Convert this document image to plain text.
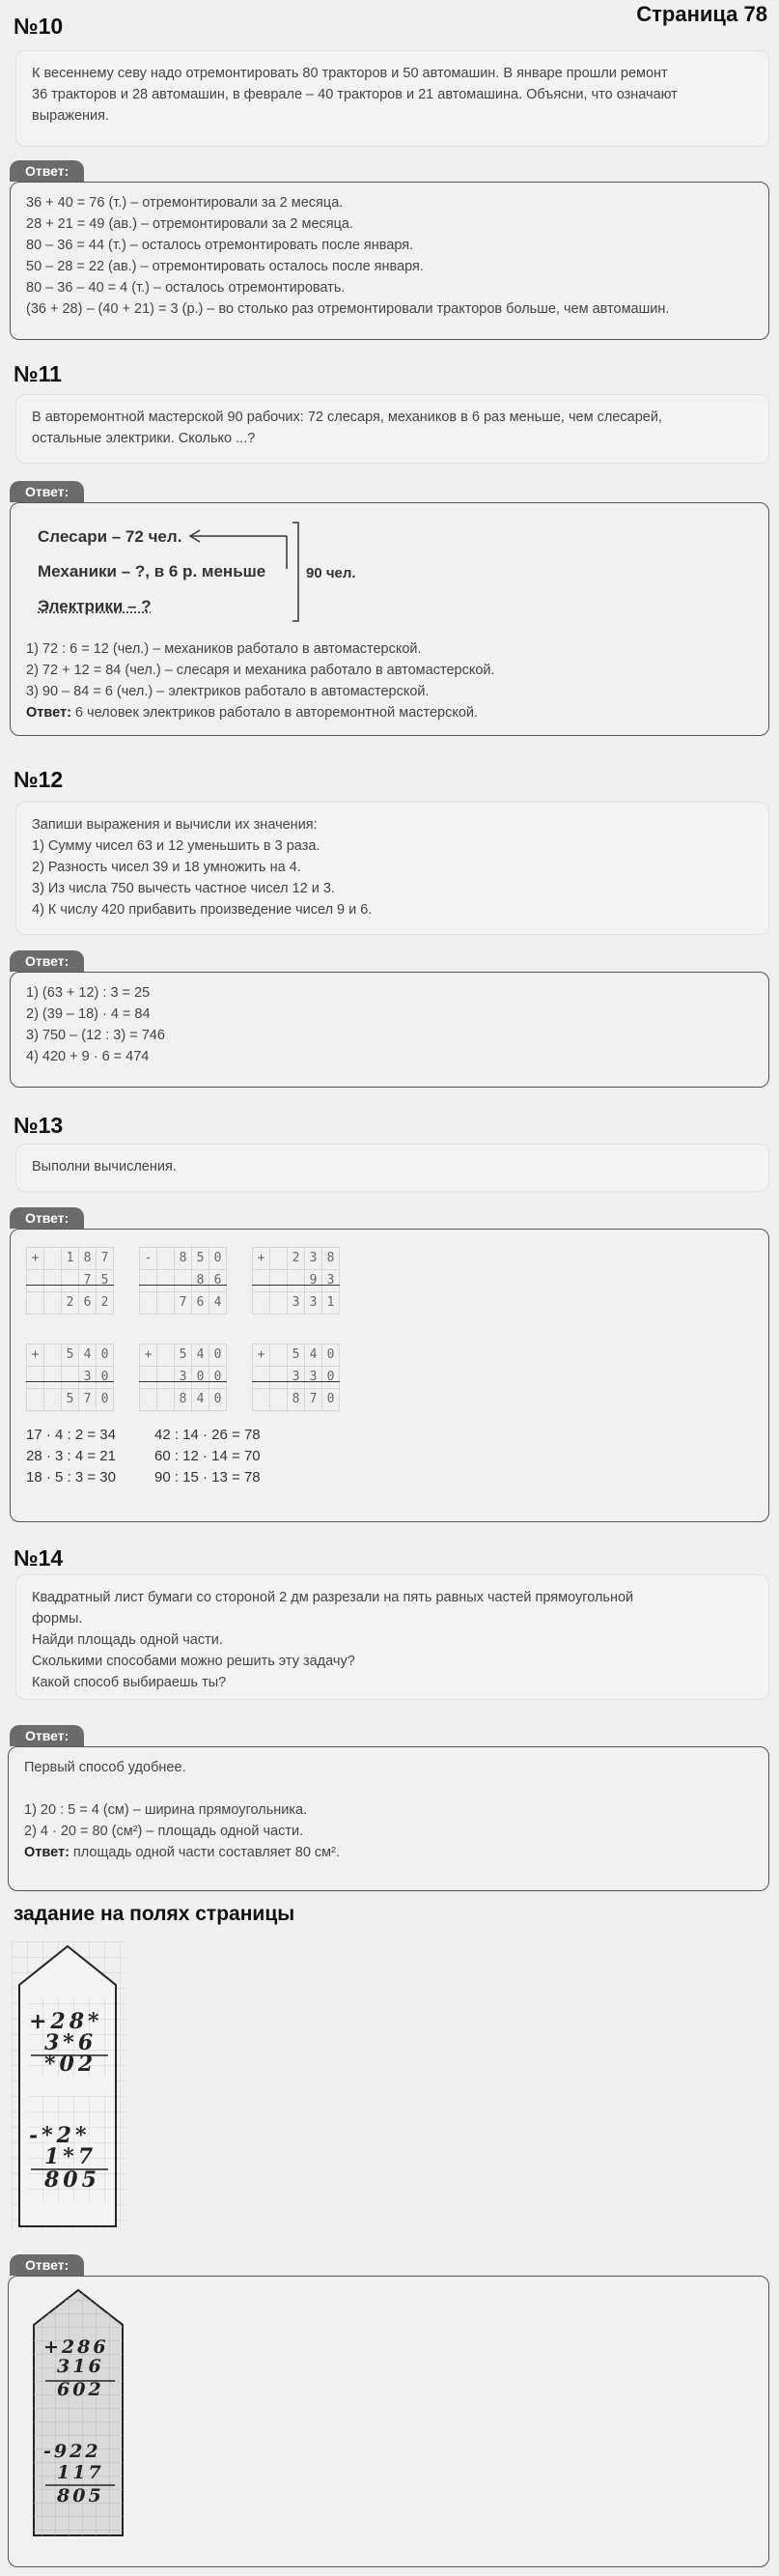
Страница 78
№10
К весеннему севу надо отремонтировать 80 тракторов и 50 автомашин. В январе прошли ремонт
36 тракторов и 28 автомашин, в феврале – 40 тракторов и 21 автомашина. Объясни, что означают
выражения.
Ответ:
36 + 40 = 76 (т.) – отремонтировали за 2 месяца.
28 + 21 = 49 (ав.) – отремонтировали за 2 месяца.
80 – 36 = 44 (т.) – осталось отремонтировать после января.
50 – 28 = 22 (ав.) – отремонтировать осталось после января.
80 – 36 – 40 = 4 (т.) – осталось отремонтировать.
(36 + 28) – (40 + 21) = 3 (р.) – во столько раз отремонтировали тракторов больше, чем автомашин.
№11
В авторемонтной мастерской 90 рабочих: 72 слесаря, механиков в 6 раз меньше, чем слесарей,
остальные электрики. Сколько ...?
Ответ:
Слесари – 72 чел.
Механики – ?, в 6 р. меньше
Электрики – ?
90 чел.
1) 72 : 6 = 12 (чел.) – механиков работало в автомастерской.
2) 72 + 12 = 84 (чел.) – слесаря и механика работало в автомастерской.
3) 90 – 84 = 6 (чел.) – электриков работало в автомастерской.
Ответ: 6 человек электриков работало в авторемонтной мастерской.
№12
Запиши выражения и вычисли их значения:
1) Сумму чисел 63 и 12 уменьшить в 3 раза.
2) Разность чисел 39 и 18 умножить на 4.
3) Из числа 750 вычесть частное чисел 12 и 3.
4) К числу 420 прибавить произведение чисел 9 и 6.
Ответ:
1) (63 + 12) : 3 = 25
2) (39 – 18) · 4 = 84
3) 750 – (12 : 3) = 746
4) 420 + 9 · 6 = 474
№13
Выполни вычисления.
Ответ:
+		1	8	7
			7	5
		2	6	2
-		8	5	0
			8	6
		7	6	4
+		2	3	8
			9	3
		3	3	1
+		5	4	0
			3	0
		5	7	0
+		5	4	0
		3	0	0
		8	4	0
+		5	4	0
		3	3	0
		8	7	0
17 · 4 : 2 = 34
28 · 3 : 4 = 21
18 · 5 : 3 = 30
42 : 14 · 26 = 78
60 : 12 · 14 = 70
90 : 15 · 13 = 78
№14
Квадратный лист бумаги со стороной 2 дм разрезали на пять равных частей прямоугольной
формы.
Найди площадь одной части.
Сколькими способами можно решить эту задачу?
Какой способ выбираешь ты?
Ответ:
Первый способ удобнее.
1) 20 : 5 = 4 (см) – ширина прямоугольника.
2) 4 · 20 = 80 (см²) – площадь одной части.
Ответ: площадь одной части составляет 80 см².
задание на полях страницы
+28*
3*6
*02
-*2*
1*7
805
Ответ:
+286
316
602
-922
117
805
